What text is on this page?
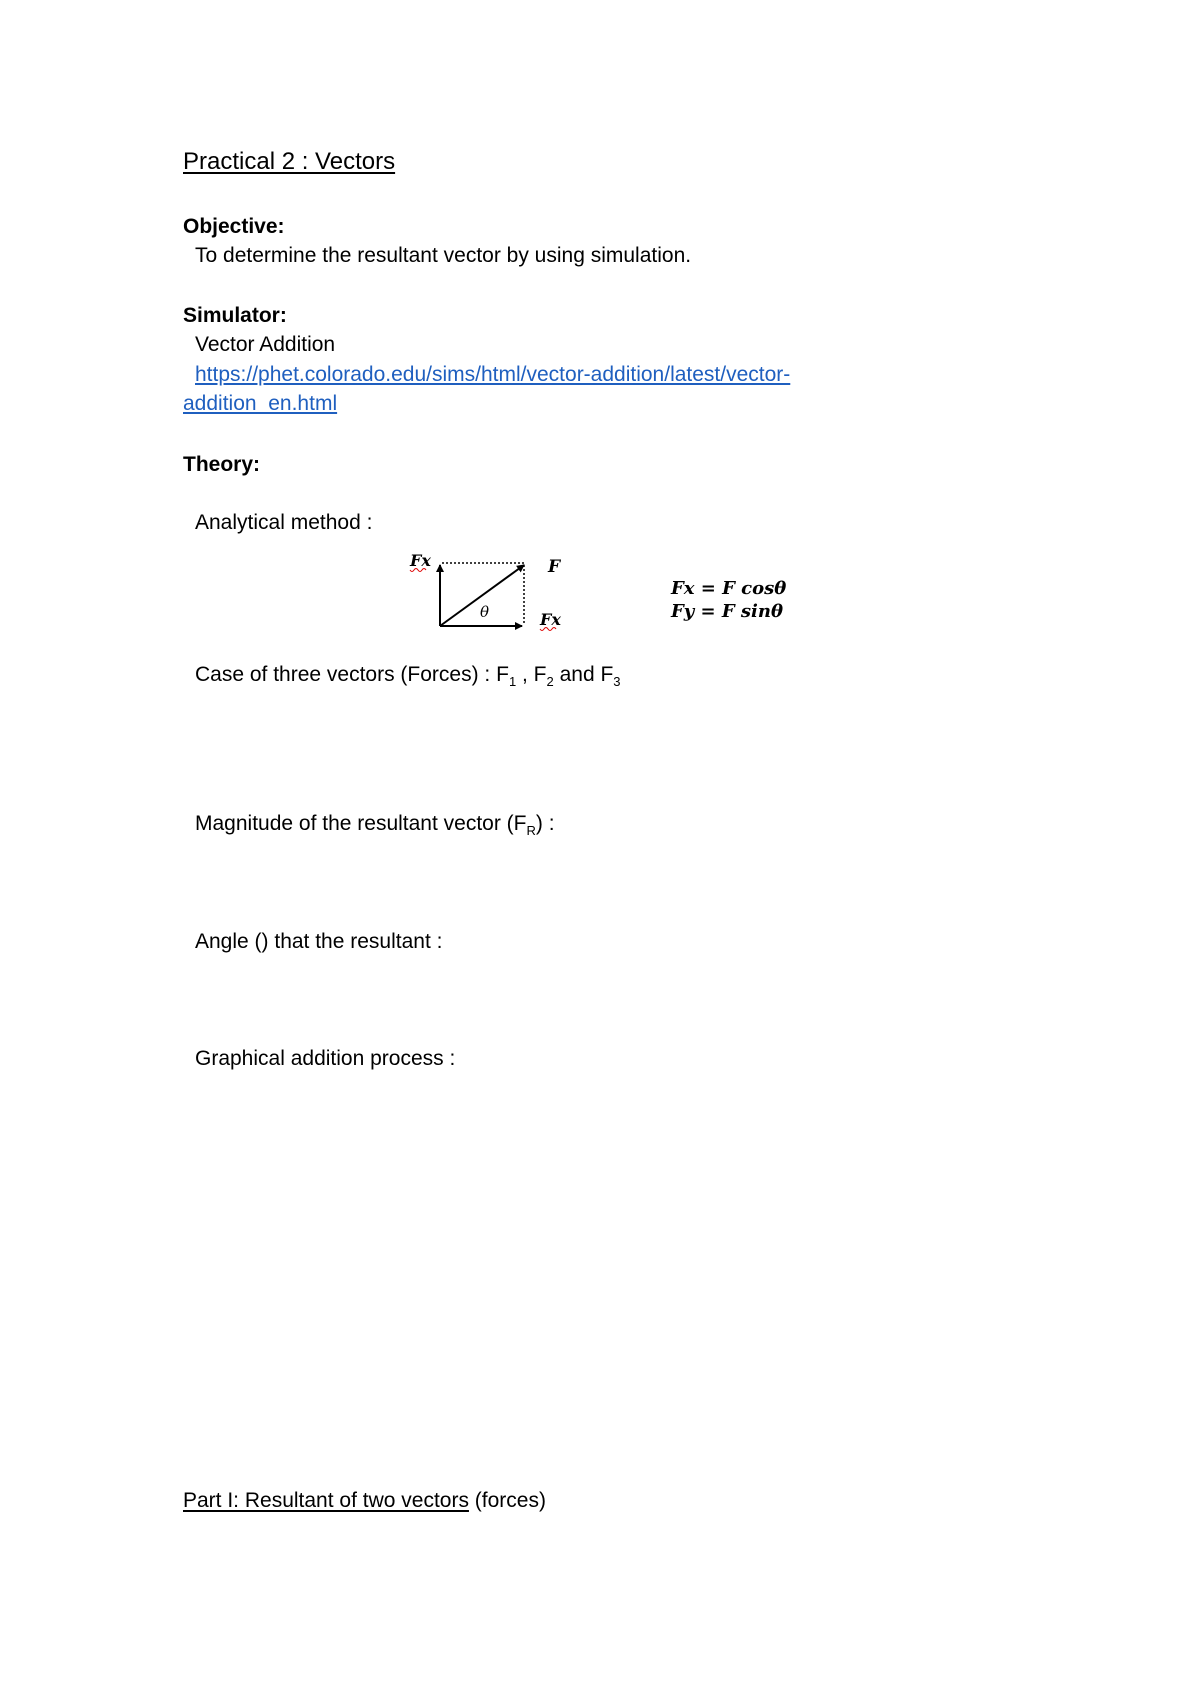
Practical 2 : Vectors
Objective:
To determine the resultant vector by using simulation.
Simulator:
Vector Addition
https://phet.colorado.edu/sims/html/vector-addition/latest/vector-
addition_en.html
Theory:
Analytical method :
Fx	F
θ	Fx
Fx = F cosθ
Fy = F sinθ
Case of three vectors (Forces) : $F_1$ , $F_2$ and $F_3$
Magnitude of the resultant vector $(F_R)$ :
Angle () that the resultant :
Graphical addition process :
Part I: Resultant of two vectors (forces)
